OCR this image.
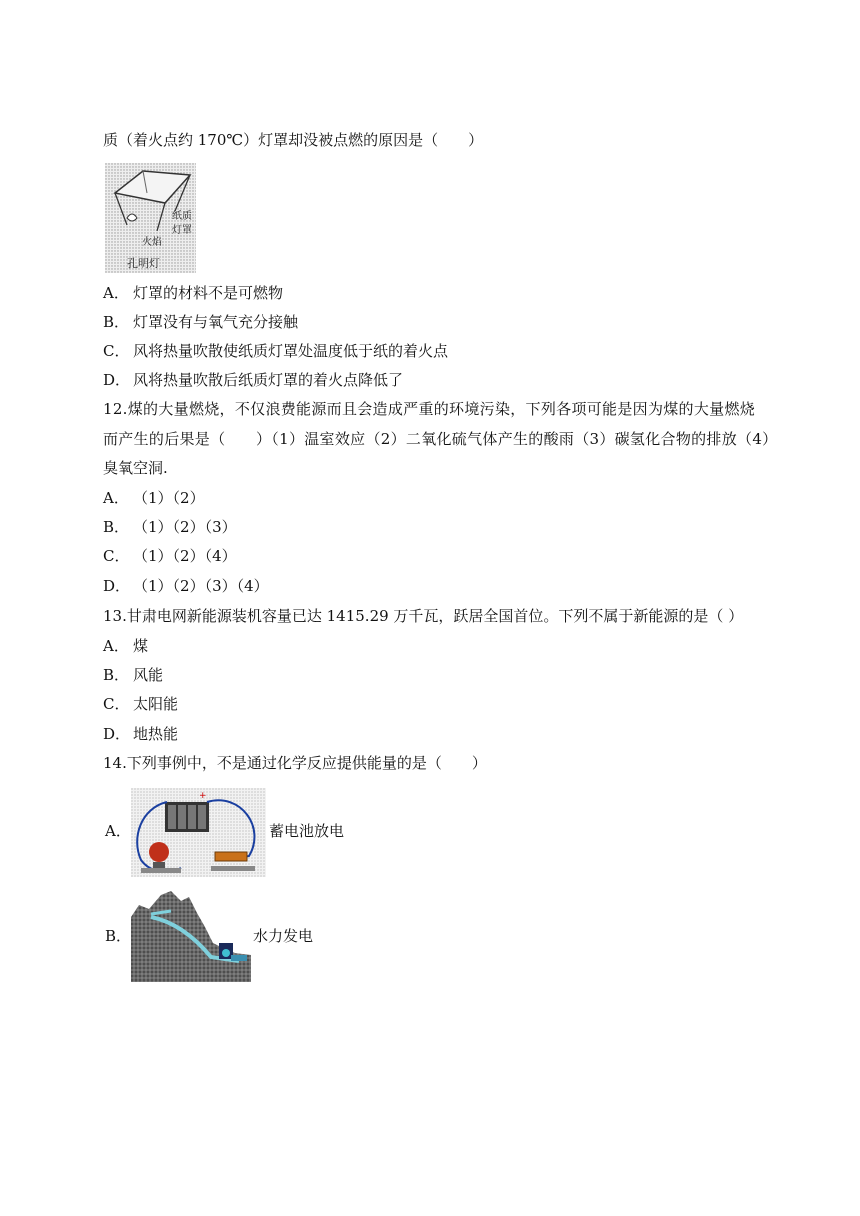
质（着火点约 170℃）灯罩却没被点燃的原因是（　　）
纸质
灯罩
火焰
孔明灯
A． 灯罩的材料不是可燃物
B． 灯罩没有与氧气充分接触
C． 风将热量吹散使纸质灯罩处温度低于纸的着火点
D． 风将热量吹散后纸质灯罩的着火点降低了
12.煤的大量燃烧，不仅浪费能源而且会造成严重的环境污染，下列各项可能是因为煤的大量燃烧
而产生的后果是（　　）（1）温室效应（2）二氧化硫气体产生的酸雨（3）碳氢化合物的排放（4）
臭氧空洞.
A． （1）（2）
B． （1）（2）（3）
C． （1）（2）（4）
D． （1）（2）（3）（4）
13.甘肃电网新能源装机容量已达 1415.29 万千瓦，跃居全国首位。下列不属于新能源的是（ ）
A． 煤
B． 风能
C． 太阳能
D． 地热能
14.下列事例中，不是通过化学反应提供能量的是（　　）
A．
+
蓄电池放电
B．	水力发电
